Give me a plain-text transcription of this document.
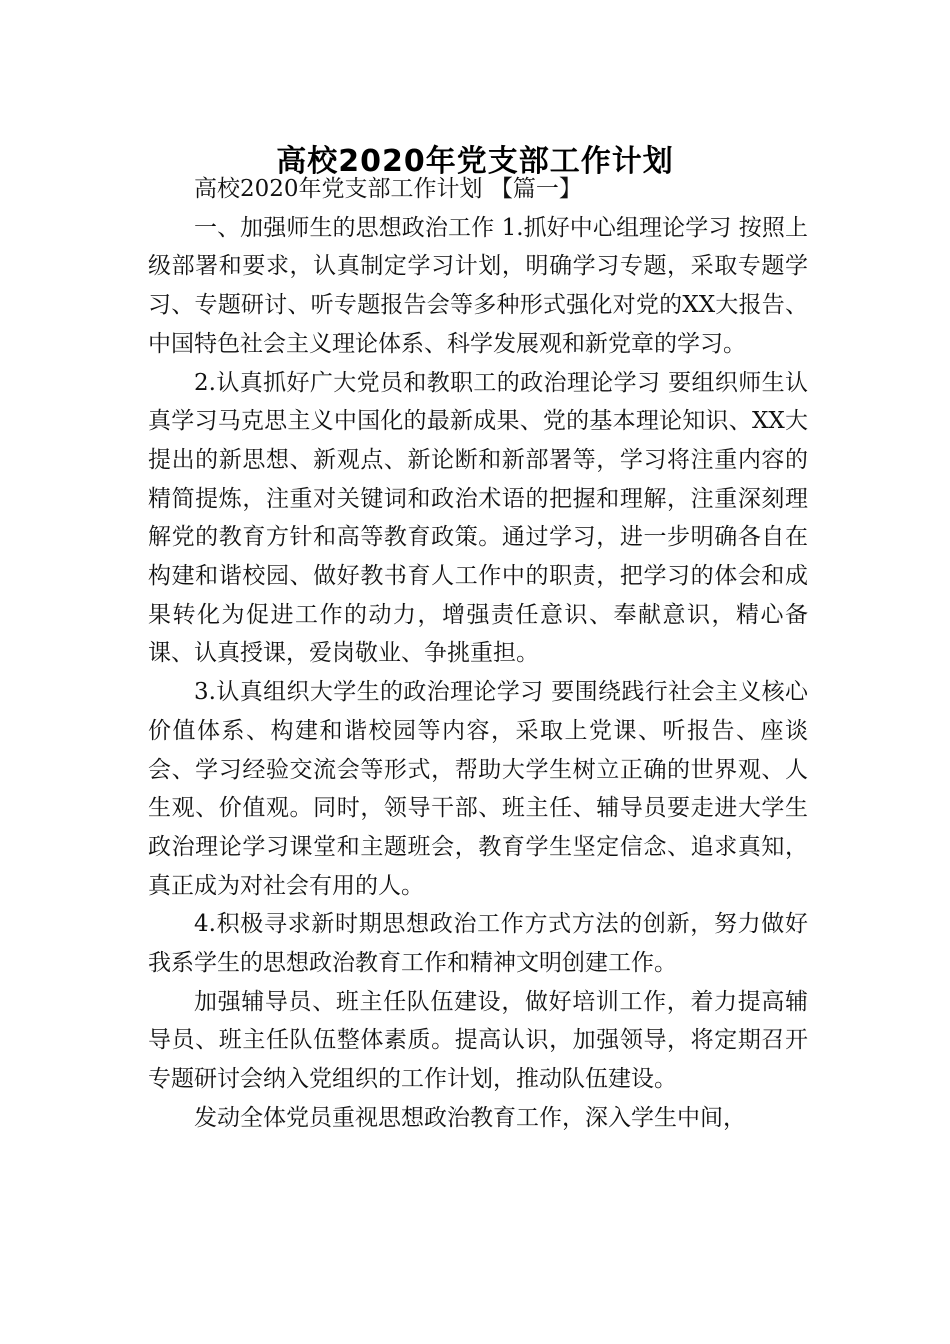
高校2020年党支部工作计划

高校2020年党支部工作计划 【篇一】

一、加强师生的思想政治工作 1.抓好中心组理论学习 按照上级部署和要求，认真制定学习计划，明确学习专题，采取专题学习、专题研讨、听专题报告会等多种形式强化对党的XX大报告、中国特色社会主义理论体系、科学发展观和新党章的学习。

2.认真抓好广大党员和教职工的政治理论学习 要组织师生认真学习马克思主义中国化的最新成果、党的基本理论知识、XX大提出的新思想、新观点、新论断和新部署等，学习将注重内容的精简提炼，注重对关键词和政治术语的把握和理解，注重深刻理解党的教育方针和高等教育政策。通过学习，进一步明确各自在构建和谐校园、做好教书育人工作中的职责，把学习的体会和成果转化为促进工作的动力，增强责任意识、奉献意识，精心备课、认真授课，爱岗敬业、争挑重担。

3.认真组织大学生的政治理论学习 要围绕践行社会主义核心价值体系、构建和谐校园等内容，采取上党课、听报告、座谈会、学习经验交流会等形式，帮助大学生树立正确的世界观、人生观、价值观。同时，领导干部、班主任、辅导员要走进大学生政治理论学习课堂和主题班会，教育学生坚定信念、追求真知，真正成为对社会有用的人。

4.积极寻求新时期思想政治工作方式方法的创新，努力做好我系学生的思想政治教育工作和精神文明创建工作。

加强辅导员、班主任队伍建设，做好培训工作，着力提高辅导员、班主任队伍整体素质。提高认识，加强领导，将定期召开专题研讨会纳入党组织的工作计划，推动队伍建设。

发动全体党员重视思想政治教育工作，深入学生中间，
